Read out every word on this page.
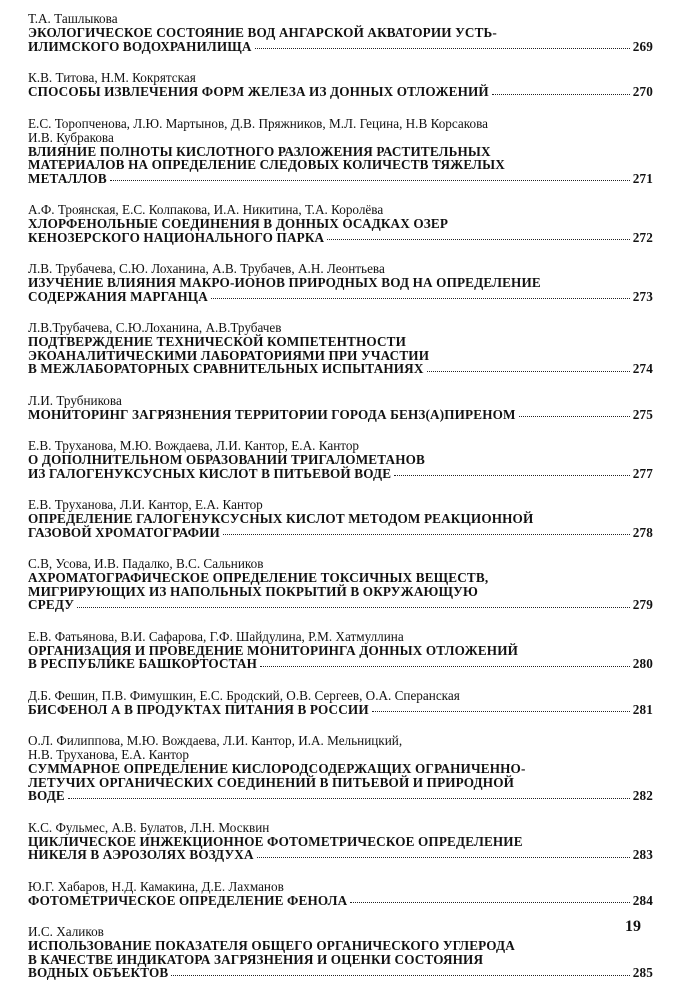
Т.А. Ташлыкова
ЭКОЛОГИЧЕСКОЕ СОСТОЯНИЕ ВОД АНГАРСКОЙ АКВАТОРИИ УСТЬ-
ИЛИМСКОГО ВОДОХРАНИЛИЩА	269
К.В. Титова, Н.М. Кокрятская
СПОСОБЫ ИЗВЛЕЧЕНИЯ ФОРМ ЖЕЛЕЗА ИЗ ДОННЫХ ОТЛОЖЕНИЙ	270
Е.С. Торопченова, Л.Ю. Мартынов, Д.В. Пряжников, М.Л. Гецина, Н.В Корсакова
И.В. Кубракова
ВЛИЯНИЕ ПОЛНОТЫ КИСЛОТНОГО РАЗЛОЖЕНИЯ РАСТИТЕЛЬНЫХ
МАТЕРИАЛОВ НА ОПРЕДЕЛЕНИЕ СЛЕДОВЫХ КОЛИЧЕСТВ ТЯЖЕЛЫХ
МЕТАЛЛОВ	271
А.Ф. Троянская, Е.С. Колпакова, И.А. Никитина, Т.А. Королёва
ХЛОРФЕНОЛЬНЫЕ СОЕДИНЕНИЯ В ДОННЫХ ОСАДКАХ ОЗЕР
КЕНОЗЕРСКОГО НАЦИОНАЛЬНОГО ПАРКА	272
Л.В. Трубачева, С.Ю. Лоханина, А.В. Трубачев, А.Н. Леонтьева
ИЗУЧЕНИЕ ВЛИЯНИЯ МАКРО-ИОНОВ ПРИРОДНЫХ ВОД НА ОПРЕДЕЛЕНИЕ
СОДЕРЖАНИЯ МАРГАНЦА	273
Л.В.Трубачева, С.Ю.Лоханина, А.В.Трубачев
ПОДТВЕРЖДЕНИЕ ТЕХНИЧЕСКОЙ КОМПЕТЕНТНОСТИ
ЭКОАНАЛИТИЧЕСКИМИ ЛАБОРАТОРИЯМИ ПРИ УЧАСТИИ
В МЕЖЛАБОРАТОРНЫХ СРАВНИТЕЛЬНЫХ ИСПЫТАНИЯХ	274
Л.И. Трубникова
МОНИТОРИНГ ЗАГРЯЗНЕНИЯ ТЕРРИТОРИИ ГОРОДА БЕНЗ(А)ПИРЕНОМ	275
Е.В. Труханова, М.Ю. Вождаева, Л.И. Кантор, Е.А. Кантор
О ДОПОЛНИТЕЛЬНОМ ОБРАЗОВАНИИ ТРИГАЛОМЕТАНОВ
ИЗ ГАЛОГЕНУКСУСНЫХ КИСЛОТ В ПИТЬЕВОЙ ВОДЕ	277
Е.В. Труханова, Л.И. Кантор, Е.А. Кантор
ОПРЕДЕЛЕНИЕ ГАЛОГЕНУКСУСНЫХ КИСЛОТ МЕТОДОМ РЕАКЦИОННОЙ
ГАЗОВОЙ ХРОМАТОГРАФИИ	278
С.В, Усова, И.В. Падалко, В.С. Сальников
АХРОМАТОГРАФИЧЕСКОЕ ОПРЕДЕЛЕНИЕ ТОКСИЧНЫХ ВЕЩЕСТВ,
МИГРИРУЮЩИХ ИЗ НАПОЛЬНЫХ ПОКРЫТИЙ В ОКРУЖАЮЩУЮ
СРЕДУ	279
Е.В. Фатьянова, В.И. Сафарова, Г.Ф. Шайдулина, Р.М. Хатмуллина
ОРГАНИЗАЦИЯ И ПРОВЕДЕНИЕ МОНИТОРИНГА ДОННЫХ ОТЛОЖЕНИЙ
В РЕСПУБЛИКЕ БАШКОРТОСТАН	280
Д.Б. Фешин, П.В. Фимушкин, Е.С. Бродский, О.В. Сергеев, О.А. Сперанская
БИСФЕНОЛ А В ПРОДУКТАХ ПИТАНИЯ В РОССИИ	281
О.Л. Филиппова, М.Ю. Вождаева, Л.И. Кантор, И.А. Мельницкий,
Н.В. Труханова, Е.А. Кантор
СУММАРНОЕ ОПРЕДЕЛЕНИЕ КИСЛОРОДСОДЕРЖАЩИХ ОГРАНИЧЕННО-
ЛЕТУЧИХ ОРГАНИЧЕСКИХ СОЕДИНЕНИЙ В ПИТЬЕВОЙ И ПРИРОДНОЙ
ВОДЕ	282
К.С. Фульмес, А.В. Булатов, Л.Н. Москвин
ЦИКЛИЧЕСКОЕ ИНЖЕКЦИОННОЕ ФОТОМЕТРИЧЕСКОЕ ОПРЕДЕЛЕНИЕ
НИКЕЛЯ В АЭРОЗОЛЯХ ВОЗДУХА	283
Ю.Г. Хабаров, Н.Д. Камакина, Д.Е. Лахманов
ФОТОМЕТРИЧЕСКОЕ ОПРЕДЕЛЕНИЕ ФЕНОЛА	284
И.С. Халиков
ИСПОЛЬЗОВАНИЕ ПОКАЗАТЕЛЯ ОБЩЕГО ОРГАНИЧЕСКОГО УГЛЕРОДА
В КАЧЕСТВЕ ИНДИКАТОРА ЗАГРЯЗНЕНИЯ И ОЦЕНКИ СОСТОЯНИЯ
ВОДНЫХ ОБЪЕКТОВ	285
19
